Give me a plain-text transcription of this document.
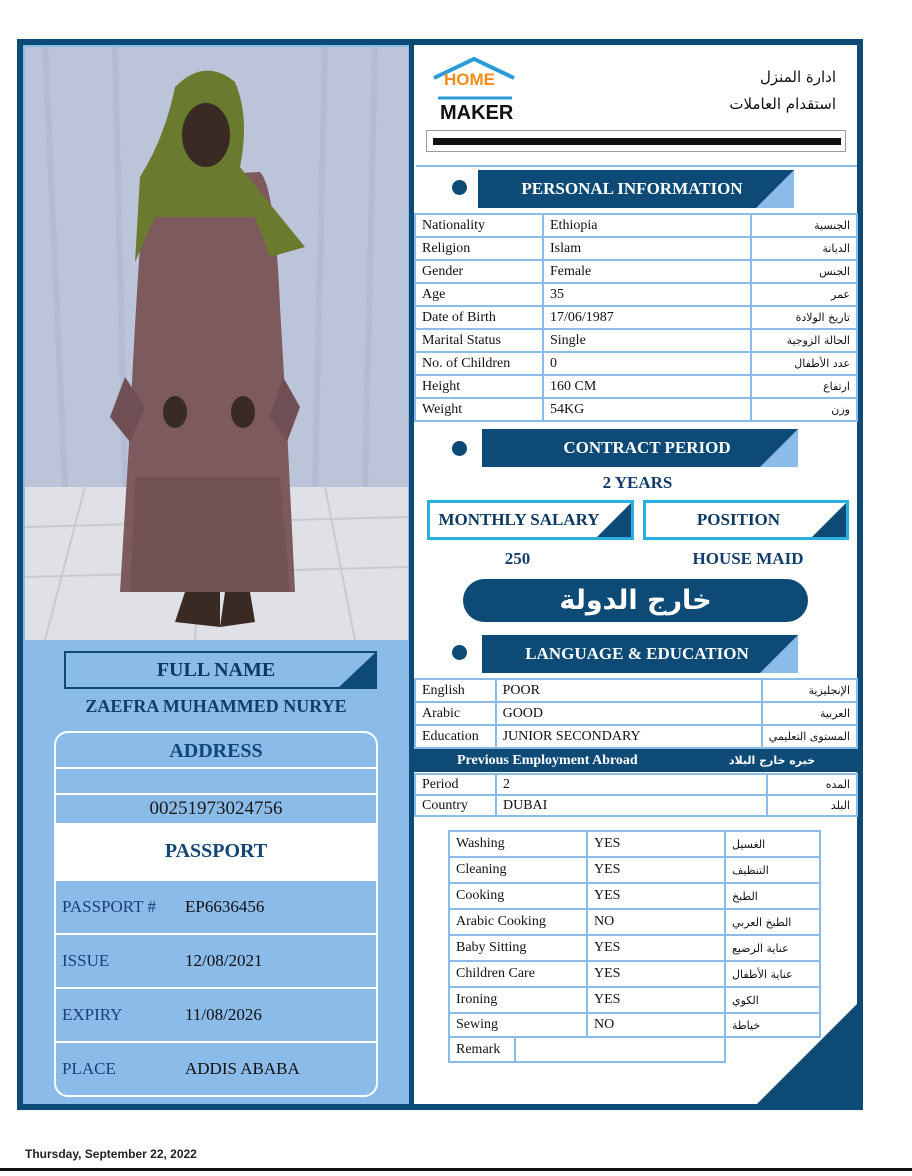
FULL NAME
ZAEFRA MUHAMMED NURYE
ADDRESS
00251973024756
PASSPORT
PASSPORT # EP6636456
ISSUE	12/08/2021
EXPIRY	11/08/2026
PLACE	ADDIS ABABA
HOME
MAKER
ادارة المنزل
استقدام العاملات
PERSONAL INFORMATION
Nationality	Ethiopia	الجنسية
Religion	Islam	الديانة
Gender	Female	الجنس
Age	35	عمر
Date of Birth	17/06/1987	تاريخ الولادة
Marital Status	Single	الحالة الزوجية
No. of Children	0	عدد الأطفال
Height	160 CM	ارتفاع
Weight	54KG	وزن
CONTRACT PERIOD
2 YEARS
MONTHLY SALARY	POSITION
250	HOUSE MAID
خارج الدولة
LANGUAGE & EDUCATION
English	POOR	الإنجليزية
Arabic	GOOD	العربية
Education	JUNIOR SECONDARY	المستوى التعليمي
Previous Employment Abroad	خبره خارج البلاد
Period	2	المده
Country	DUBAI	البلد
Washing	YES	الغسيل
Cleaning	YES	التنظيف
Cooking	YES	الطبخ
Arabic Cooking	NO	الطبخ العربي
Baby Sitting	YES	عناية الرضيع
Children Care	YES	عناية الأطفال
Ironing	YES	الكوي
Sewing	NO	خياطة
Remark	
Thursday, September 22, 2022
